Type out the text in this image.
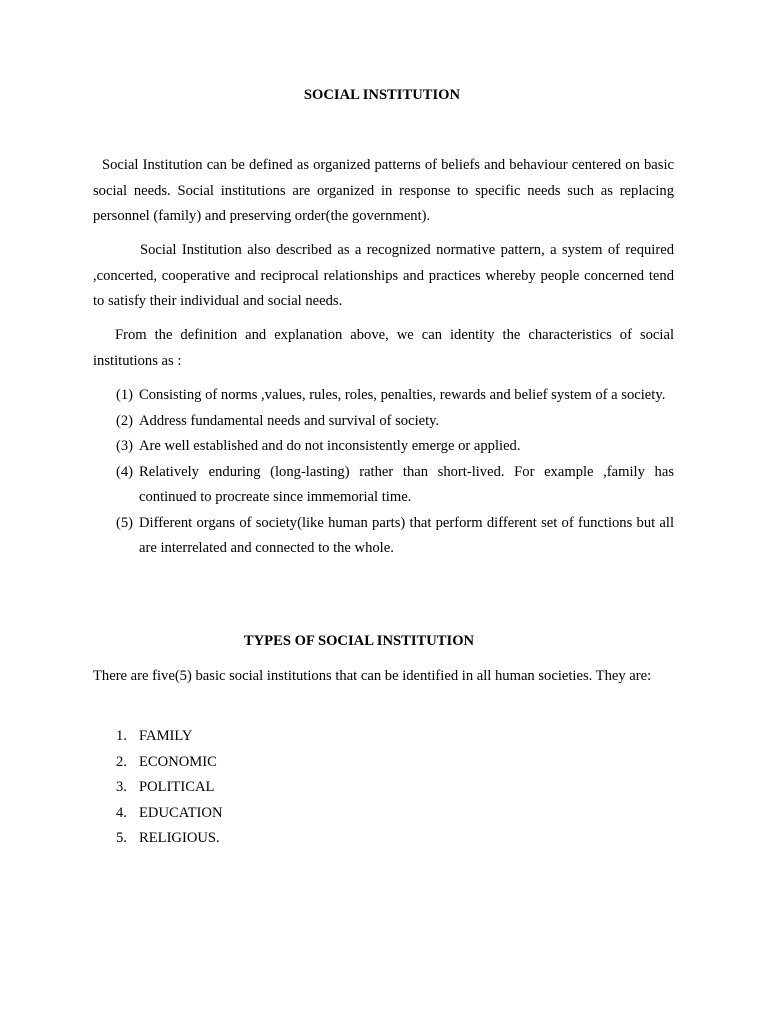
SOCIAL INSTITUTION

Social Institution can be defined as organized patterns of beliefs and behaviour centered on basic social needs. Social institutions are organized in response to specific needs such as replacing personnel (family) and preserving order(the government).

Social Institution also described as a recognized normative pattern, a system of required ,concerted, cooperative and reciprocal relationships and practices whereby people concerned tend to satisfy their individual and social needs.

From the definition and explanation above, we can identity the characteristics of social institutions as :

(1) Consisting of norms ,values, rules, roles, penalties, rewards and belief system of a society.
(2) Address fundamental needs and survival of society.
(3) Are well established and do not inconsistently emerge or applied.
(4) Relatively enduring (long-lasting) rather than short-lived. For example ,family has continued to procreate since immemorial time.
(5) Different organs of society(like human parts) that perform different set of functions but all are interrelated and connected to the whole.
TYPES OF SOCIAL INSTITUTION

There are five(5) basic social institutions that can be identified in all human societies. They are:

1. FAMILY
2. ECONOMIC
3. POLITICAL
4. EDUCATION
5. RELIGIOUS.
